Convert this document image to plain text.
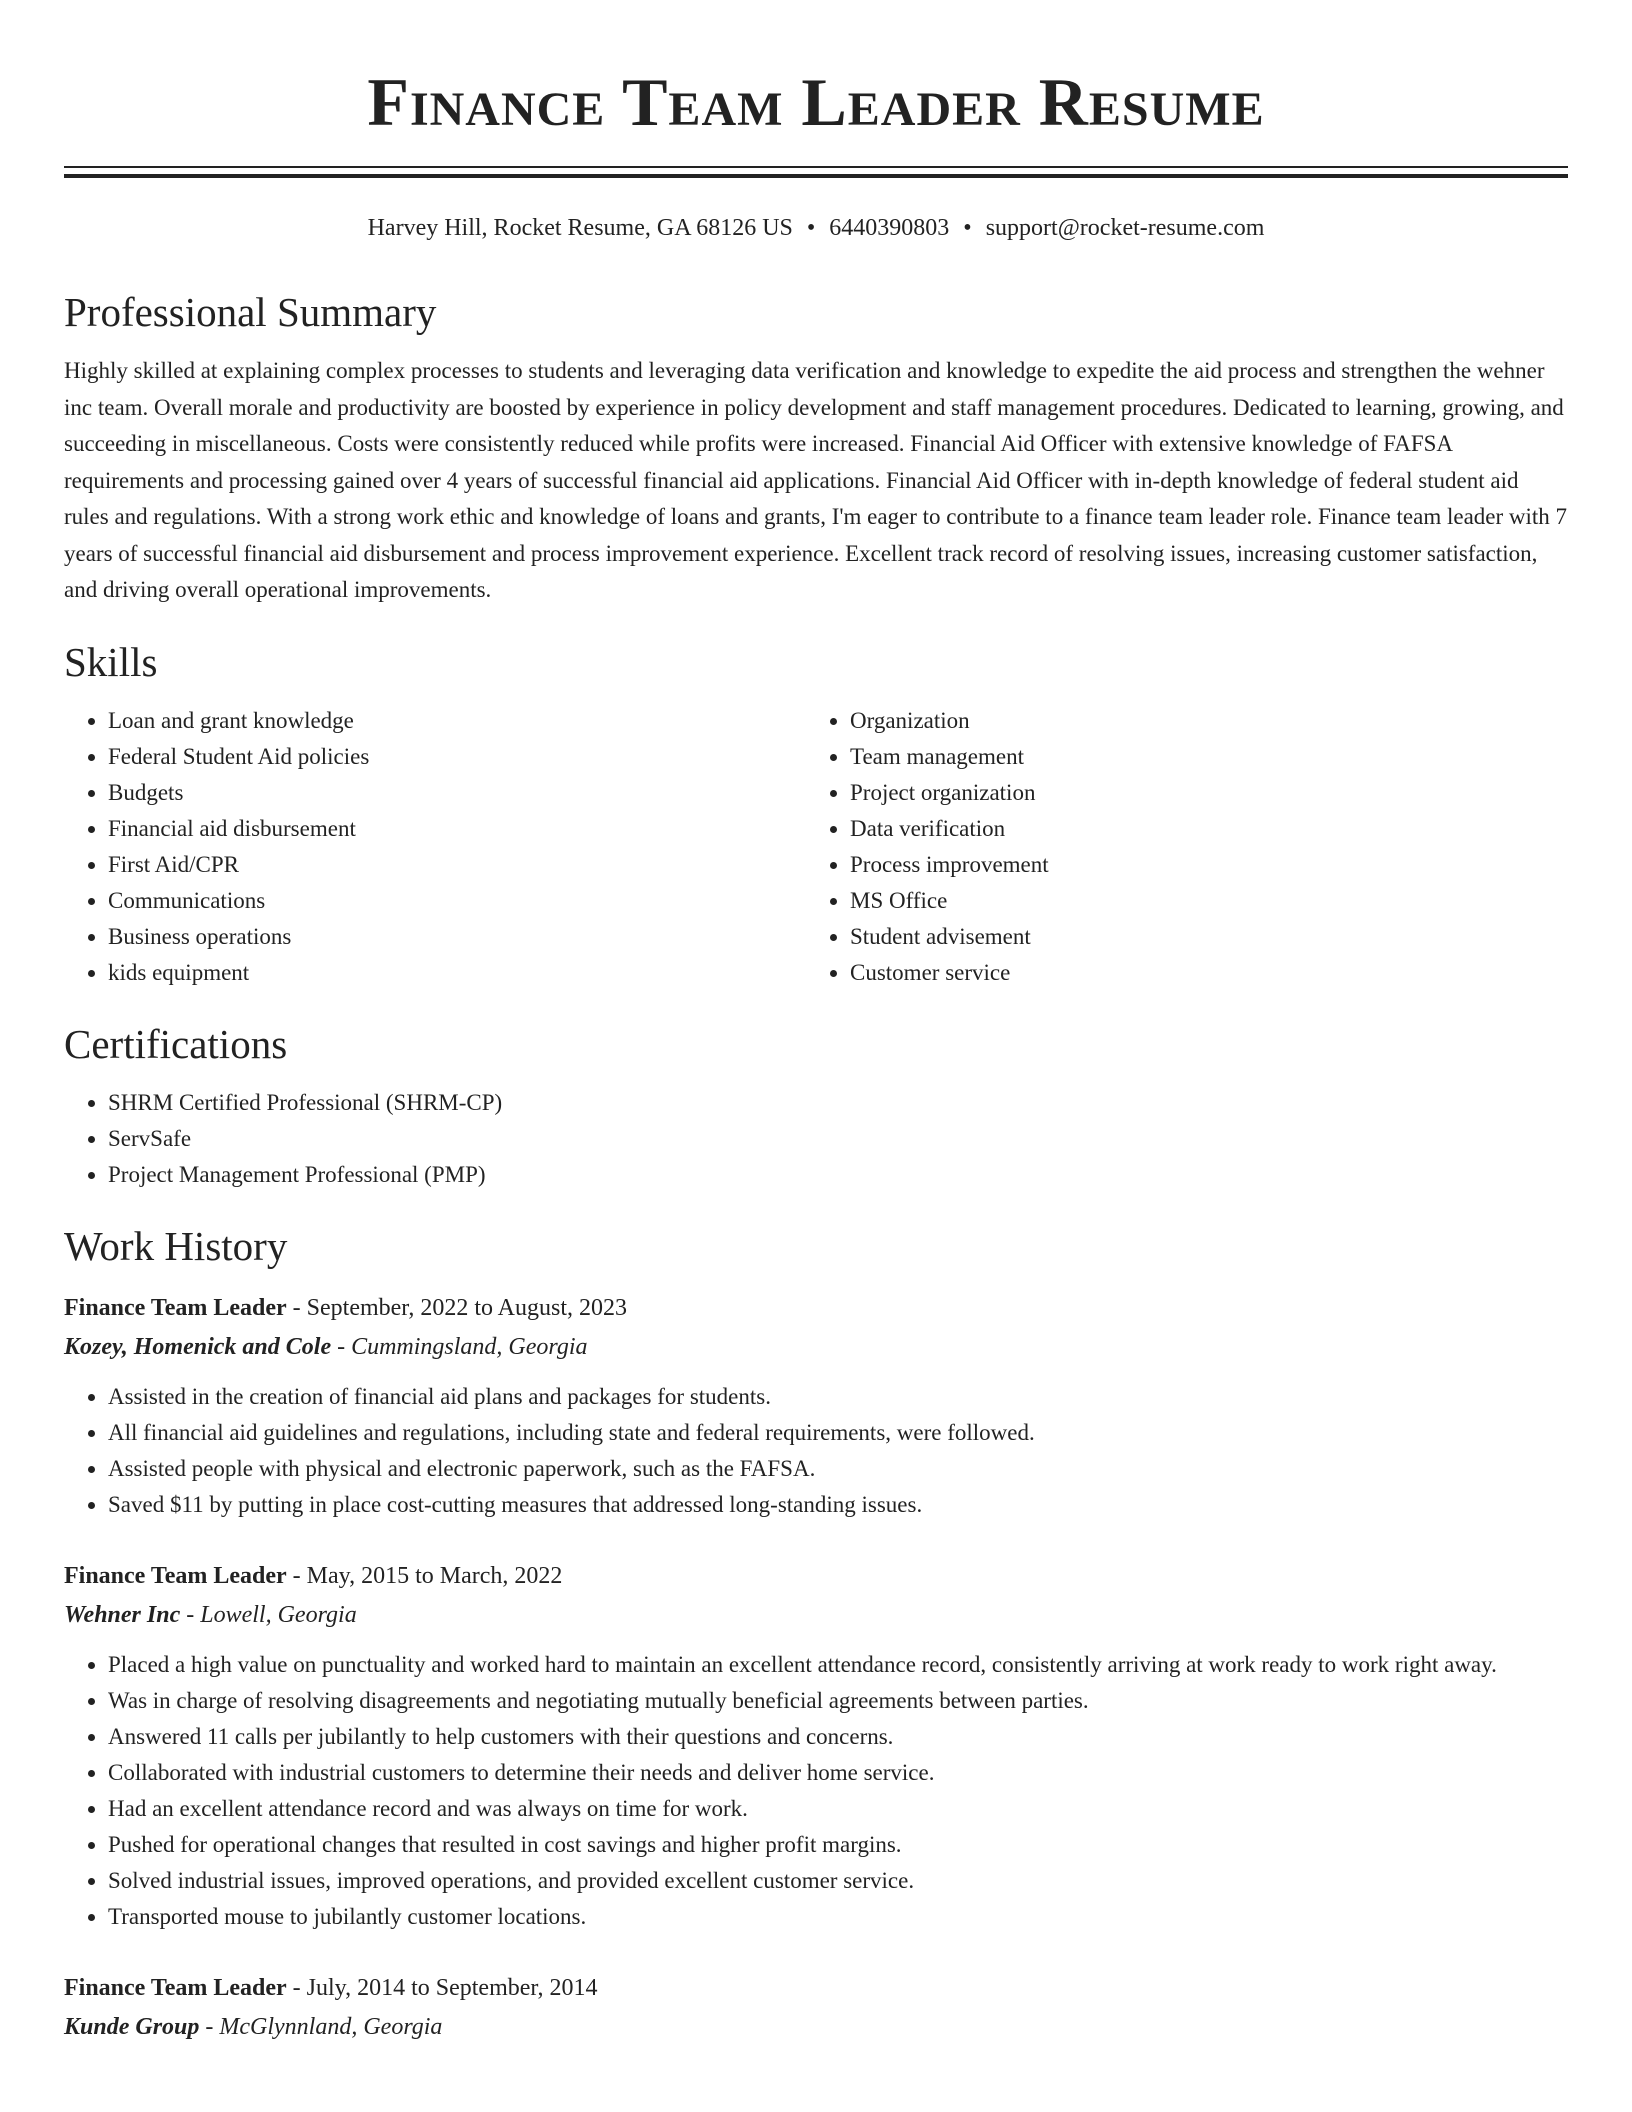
Finance Team Leader Resume
Harvey Hill, Rocket Resume, GA 68126 US • 6440390803 • support@rocket-resume.com
Professional Summary

Highly skilled at explaining complex processes to students and leveraging data verification and knowledge to expedite the aid process and strengthen the wehner inc team. Overall morale and productivity are boosted by experience in policy development and staff management procedures. Dedicated to learning, growing, and succeeding in miscellaneous. Costs were consistently reduced while profits were increased. Financial Aid Officer with extensive knowledge of FAFSA requirements and processing gained over 4 years of successful financial aid applications. Financial Aid Officer with in-depth knowledge of federal student aid rules and regulations. With a strong work ethic and knowledge of loans and grants, I'm eager to contribute to a finance team leader role. Finance team leader with 7 years of successful financial aid disbursement and process improvement experience. Excellent track record of resolving issues, increasing customer satisfaction, and driving overall operational improvements.

Skills
• Loan and grant knowledge
• Federal Student Aid policies
• Budgets
• Financial aid disbursement
• First Aid/CPR
• Communications
• Business operations
• kids equipment
• Organization
• Team management
• Project organization
• Data verification
• Process improvement
• MS Office
• Student advisement
• Customer service
Certifications
• SHRM Certified Professional (SHRM-CP)
• ServSafe
• Project Management Professional (PMP)
Work History
Finance Team Leader - September, 2022 to August, 2023
Kozey, Homenick and Cole - Cummingsland, Georgia
• Assisted in the creation of financial aid plans and packages for students.
• All financial aid guidelines and regulations, including state and federal requirements, were followed.
• Assisted people with physical and electronic paperwork, such as the FAFSA.
• Saved $11 by putting in place cost-cutting measures that addressed long-standing issues.
Finance Team Leader - May, 2015 to March, 2022
Wehner Inc - Lowell, Georgia
• Placed a high value on punctuality and worked hard to maintain an excellent attendance record, consistently arriving at work ready to work right away.
• Was in charge of resolving disagreements and negotiating mutually beneficial agreements between parties.
• Answered 11 calls per jubilantly to help customers with their questions and concerns.
• Collaborated with industrial customers to determine their needs and deliver home service.
• Had an excellent attendance record and was always on time for work.
• Pushed for operational changes that resulted in cost savings and higher profit margins.
• Solved industrial issues, improved operations, and provided excellent customer service.
• Transported mouse to jubilantly customer locations.
Finance Team Leader - July, 2014 to September, 2014
Kunde Group - McGlynnland, Georgia
